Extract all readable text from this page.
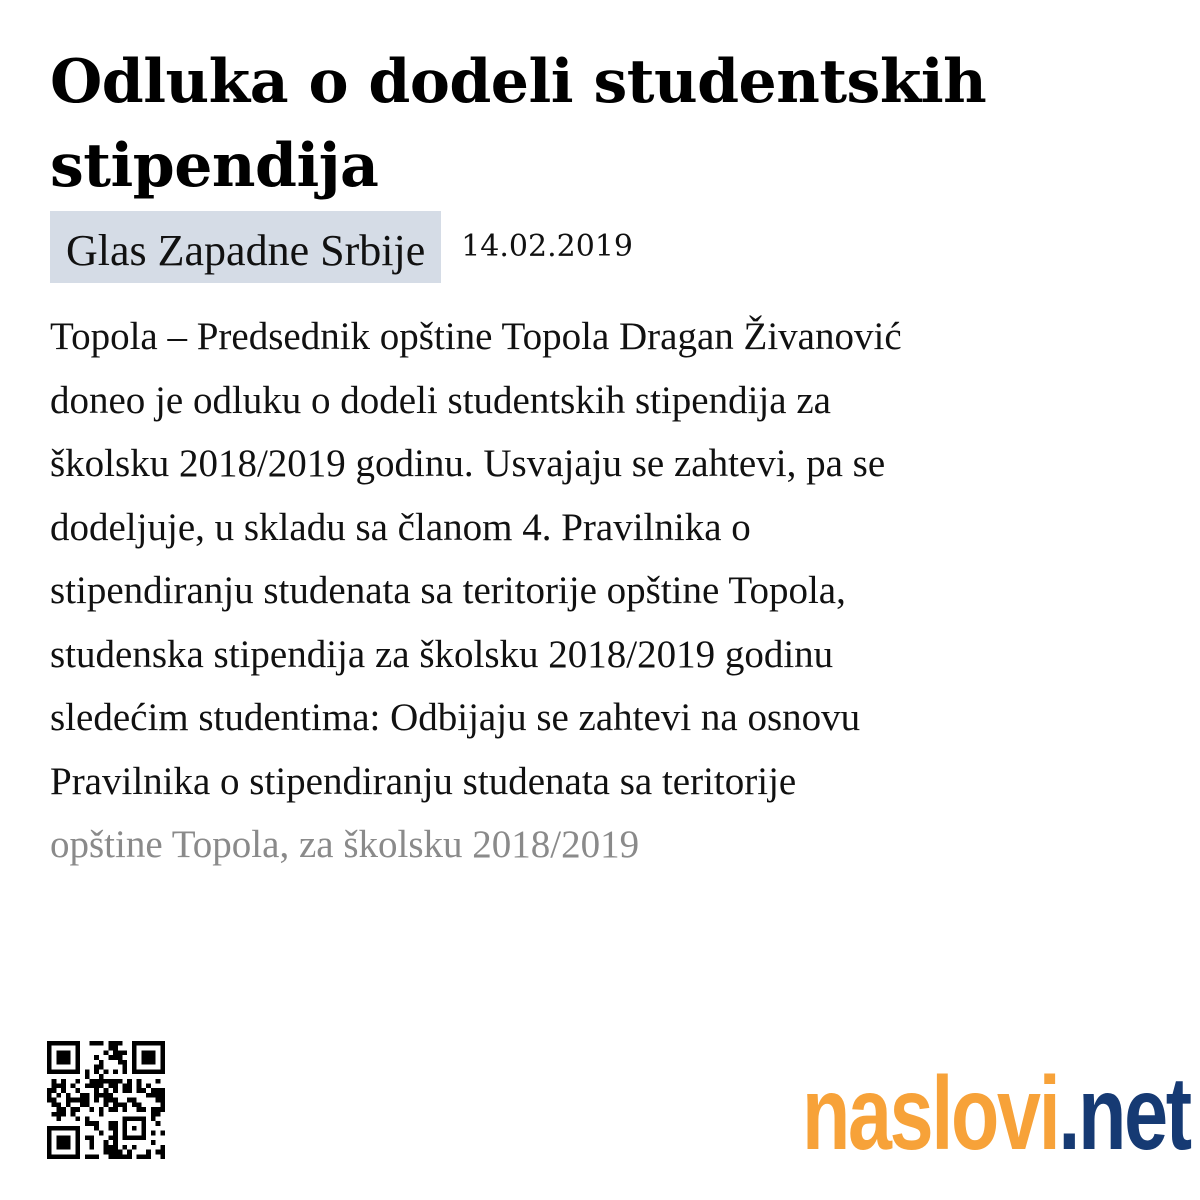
Odluka o dodeli studentskih
stipendija
Glas Zapadne Srbije	14.02.2019

Topola – Predsednik opštine Topola Dragan Živanović
doneo je odluku o dodeli studentskih stipendija za
školsku 2018/2019 godinu. Usvajaju se zahtevi, pa se
dodeljuje, u skladu sa članom 4. Pravilnika o
stipendiranju studenata sa teritorije opštine Topola,
studenska stipendija za školsku 2018/2019 godinu
sledećim studentima: Odbijaju se zahtevi na osnovu
Pravilnika o stipendiranju studenata sa teritorije
opštine Topola, za školsku 2018/2019

naslovi.net
